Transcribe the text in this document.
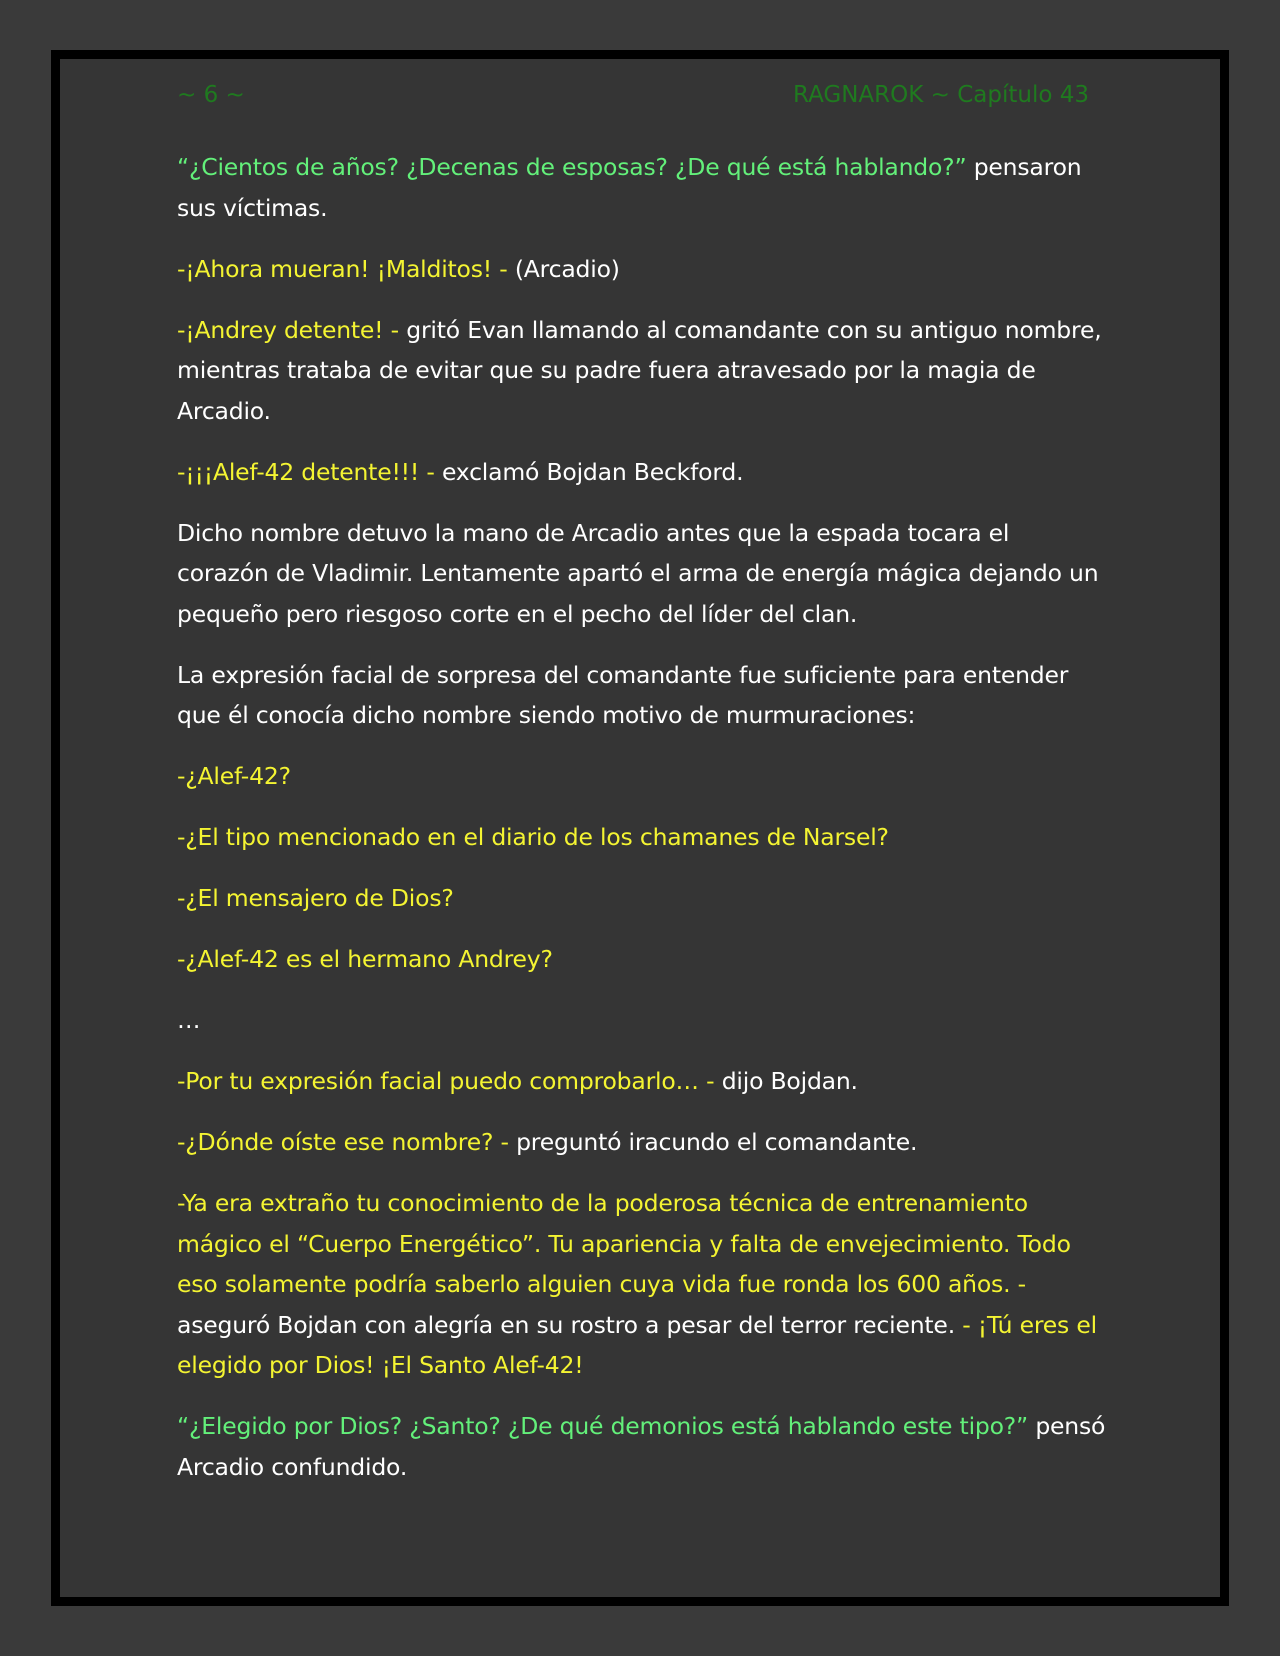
~ 6 ~	RAGNAROK ~ Capítulo 43

“¿Cientos de años? ¿Decenas de esposas? ¿De qué está hablando?” pensaron sus víctimas.

-¡Ahora mueran! ¡Malditos! - (Arcadio)

-¡Andrey detente! - gritó Evan llamando al comandante con su antiguo nombre, mientras trataba de evitar que su padre fuera atravesado por la magia de Arcadio.

-¡¡¡Alef-42 detente!!! - exclamó Bojdan Beckford.

Dicho nombre detuvo la mano de Arcadio antes que la espada tocara el corazón de Vladimir. Lentamente apartó el arma de energía mágica dejando un pequeño pero riesgoso corte en el pecho del líder del clan.

La expresión facial de sorpresa del comandante fue suficiente para entender que él conocía dicho nombre siendo motivo de murmuraciones:

-¿Alef-42?

-¿El tipo mencionado en el diario de los chamanes de Narsel?

-¿El mensajero de Dios?

-¿Alef-42 es el hermano Andrey?

…

-Por tu expresión facial puedo comprobarlo… - dijo Bojdan.

-¿Dónde oíste ese nombre? - preguntó iracundo el comandante.

-Ya era extraño tu conocimiento de la poderosa técnica de entrenamiento mágico el “Cuerpo Energético”. Tu apariencia y falta de envejecimiento. Todo eso solamente podría saberlo alguien cuya vida fue ronda los 600 años. - aseguró Bojdan con alegría en su rostro a pesar del terror reciente. - ¡Tú eres el elegido por Dios! ¡El Santo Alef-42!

“¿Elegido por Dios? ¿Santo? ¿De qué demonios está hablando este tipo?” pensó Arcadio confundido.
